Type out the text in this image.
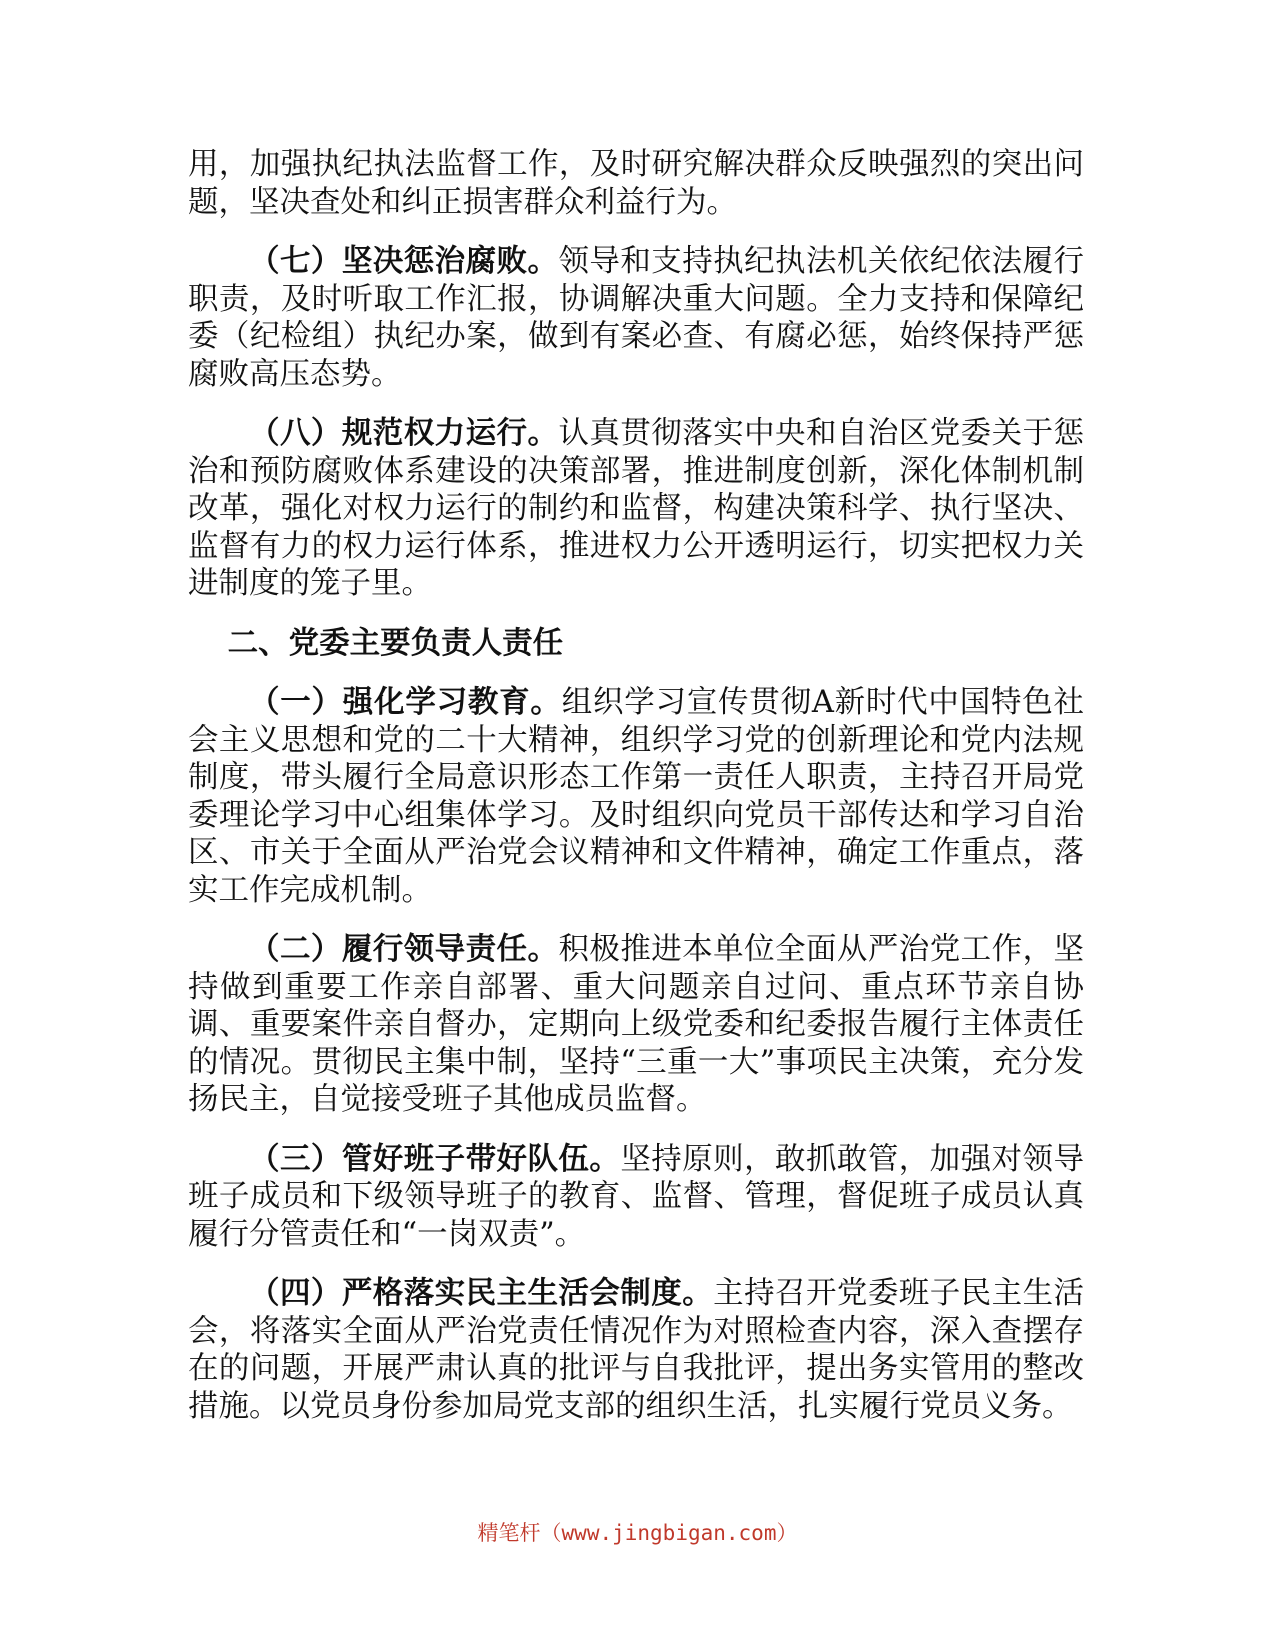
用，加强执纪执法监督工作，及时研究解决群众反映强烈的突出问题，坚决查处和纠正损害群众利益行为。

（七）坚决惩治腐败。领导和支持执纪执法机关依纪依法履行职责，及时听取工作汇报，协调解决重大问题。全力支持和保障纪委（纪检组）执纪办案，做到有案必查、有腐必惩，始终保持严惩腐败高压态势。

（八）规范权力运行。认真贯彻落实中央和自治区党委关于惩治和预防腐败体系建设的决策部署，推进制度创新，深化体制机制改革，强化对权力运行的制约和监督，构建决策科学、执行坚决、监督有力的权力运行体系，推进权力公开透明运行，切实把权力关进制度的笼子里。

二、党委主要负责人责任

（一）强化学习教育。组织学习宣传贯彻A新时代中国特色社会主义思想和党的二十大精神，组织学习党的创新理论和党内法规制度，带头履行全局意识形态工作第一责任人职责，主持召开局党委理论学习中心组集体学习。及时组织向党员干部传达和学习自治区、市关于全面从严治党会议精神和文件精神，确定工作重点，落实工作完成机制。

（二）履行领导责任。积极推进本单位全面从严治党工作，坚持做到重要工作亲自部署、重大问题亲自过问、重点环节亲自协调、重要案件亲自督办，定期向上级党委和纪委报告履行主体责任的情况。贯彻民主集中制，坚持“三重一大”事项民主决策，充分发扬民主，自觉接受班子其他成员监督。

（三）管好班子带好队伍。坚持原则，敢抓敢管，加强对领导班子成员和下级领导班子的教育、监督、管理，督促班子成员认真履行分管责任和“一岗双责”。

（四）严格落实民主生活会制度。主持召开党委班子民主生活会，将落实全面从严治党责任情况作为对照检查内容，深入查摆存在的问题，开展严肃认真的批评与自我批评，提出务实管用的整改措施。以党员身份参加局党支部的组织生活，扎实履行党员义务。

精笔杆（www.jingbigan.com）
